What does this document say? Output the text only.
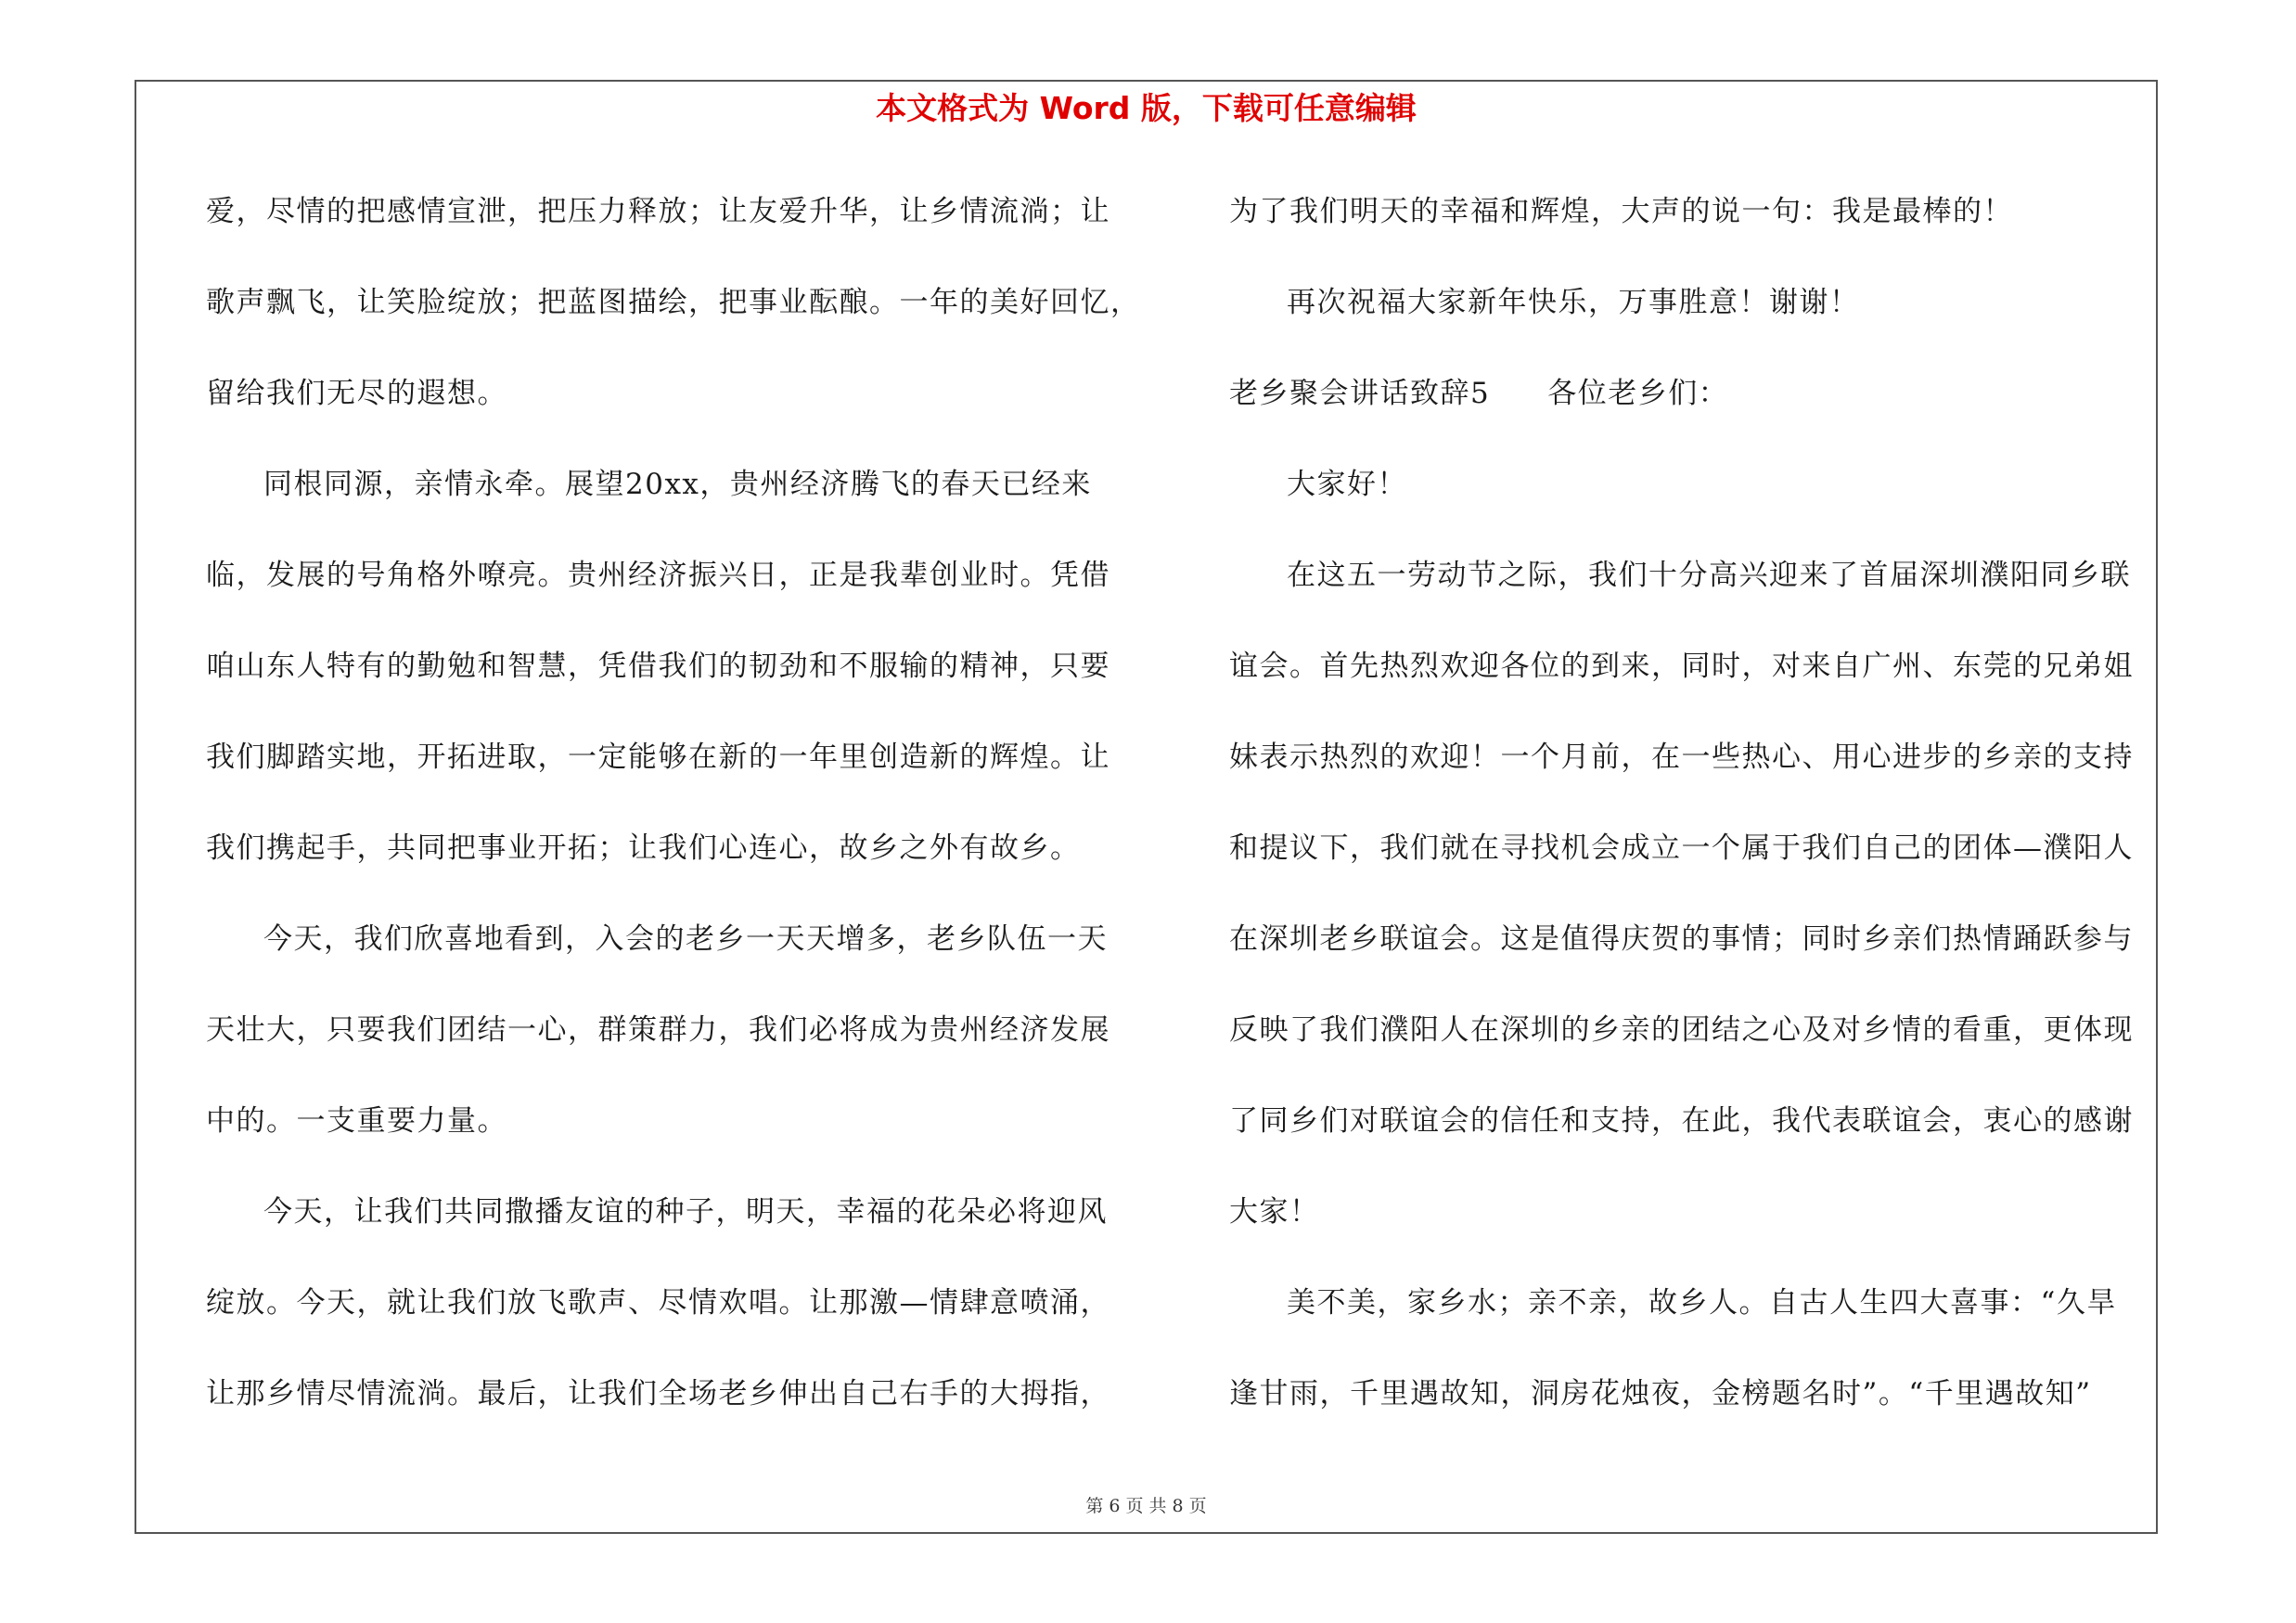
本文格式为 Word 版，下载可任意编辑
爱，尽情的把感情宣泄，把压力释放；让友爱升华，让乡情流淌；让
歌声飘飞，让笑脸绽放；把蓝图描绘，把事业酝酿。一年的美好回忆，
留给我们无尽的遐想。
同根同源，亲情永牵。展望20xx，贵州经济腾飞的春天已经来
临，发展的号角格外嘹亮。贵州经济振兴日，正是我辈创业时。凭借
咱山东人特有的勤勉和智慧，凭借我们的韧劲和不服输的精神，只要
我们脚踏实地，开拓进取，一定能够在新的一年里创造新的辉煌。让
我们携起手，共同把事业开拓；让我们心连心，故乡之外有故乡。
今天，我们欣喜地看到，入会的老乡一天天增多，老乡队伍一天
天壮大，只要我们团结一心，群策群力，我们必将成为贵州经济发展
中的。一支重要力量。
今天，让我们共同撒播友谊的种子，明天，幸福的花朵必将迎风
绽放。今天，就让我们放飞歌声、尽情欢唱。让那激—情肆意喷涌，
让那乡情尽情流淌。最后，让我们全场老乡伸出自己右手的大拇指，
为了我们明天的幸福和辉煌，大声的说一句：我是最棒的！
再次祝福大家新年快乐，万事胜意！谢谢！
老乡聚会讲话致辞5 各位老乡们：
大家好！
在这五一劳动节之际，我们十分高兴迎来了首届深圳濮阳同乡联
谊会。首先热烈欢迎各位的到来，同时，对来自广州、东莞的兄弟姐
妹表示热烈的欢迎！一个月前，在一些热心、用心进步的乡亲的支持
和提议下，我们就在寻找机会成立一个属于我们自己的团体—濮阳人
在深圳老乡联谊会。这是值得庆贺的事情；同时乡亲们热情踊跃参与
反映了我们濮阳人在深圳的乡亲的团结之心及对乡情的看重，更体现
了同乡们对联谊会的信任和支持，在此，我代表联谊会，衷心的感谢
大家！
美不美，家乡水；亲不亲，故乡人。自古人生四大喜事：“久旱
逢甘雨，千里遇故知，洞房花烛夜，金榜题名时”。“千里遇故知”
第 6 页 共 8 页
